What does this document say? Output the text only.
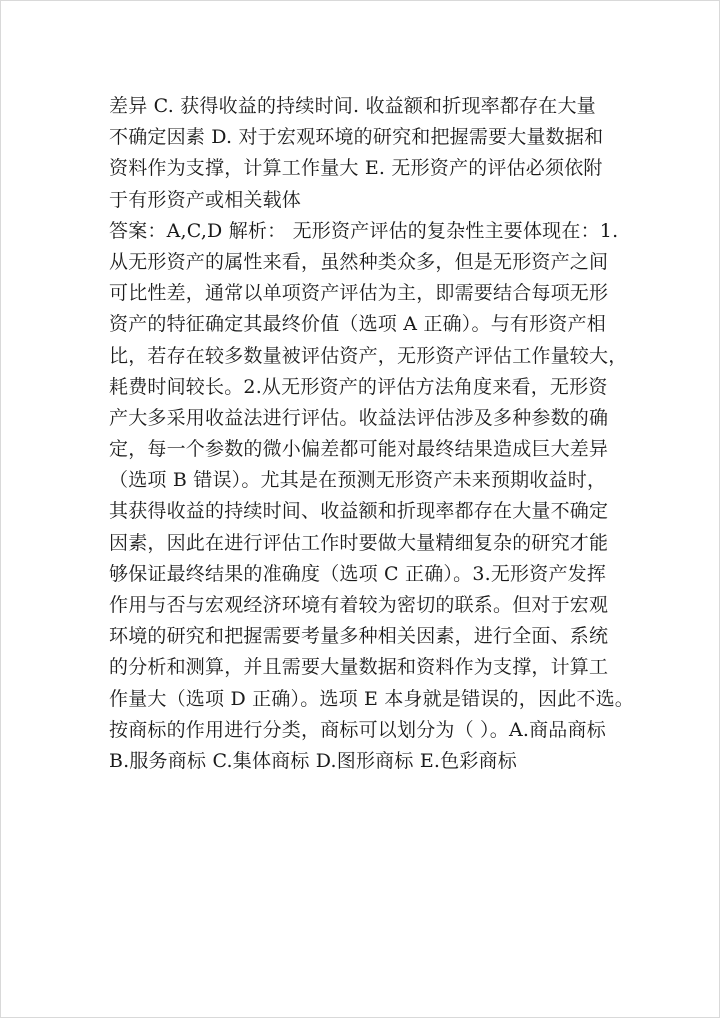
差异 C. 获得收益的持续时间. 收益额和折现率都存在大量
不确定因素 D. 对于宏观环境的研究和把握需要大量数据和
资料作为支撑，计算工作量大 E. 无形资产的评估必须依附
于有形资产或相关载体
答案：A,C,D 解析： 无形资产评估的复杂性主要体现在：1.
从无形资产的属性来看，虽然种类众多，但是无形资产之间
可比性差，通常以单项资产评估为主，即需要结合每项无形
资产的特征确定其最终价值（选项 A 正确）。与有形资产相
比，若存在较多数量被评估资产，无形资产评估工作量较大，
耗费时间较长。2.从无形资产的评估方法角度来看，无形资
产大多采用收益法进行评估。收益法评估涉及多种参数的确
定，每一个参数的微小偏差都可能对最终结果造成巨大差异
（选项 B 错误）。尤其是在预测无形资产未来预期收益时，
其获得收益的持续时间、收益额和折现率都存在大量不确定
因素，因此在进行评估工作时要做大量精细复杂的研究才能
够保证最终结果的准确度（选项 C 正确）。3.无形资产发挥
作用与否与宏观经济环境有着较为密切的联系。但对于宏观
环境的研究和把握需要考量多种相关因素，进行全面、系统
的分析和测算，并且需要大量数据和资料作为支撑，计算工
作量大（选项 D 正确）。选项 E 本身就是错误的，因此不选。
按商标的作用进行分类，商标可以划分为（ ）。A.商品商标
B.服务商标 C.集体商标 D.图形商标 E.色彩商标
